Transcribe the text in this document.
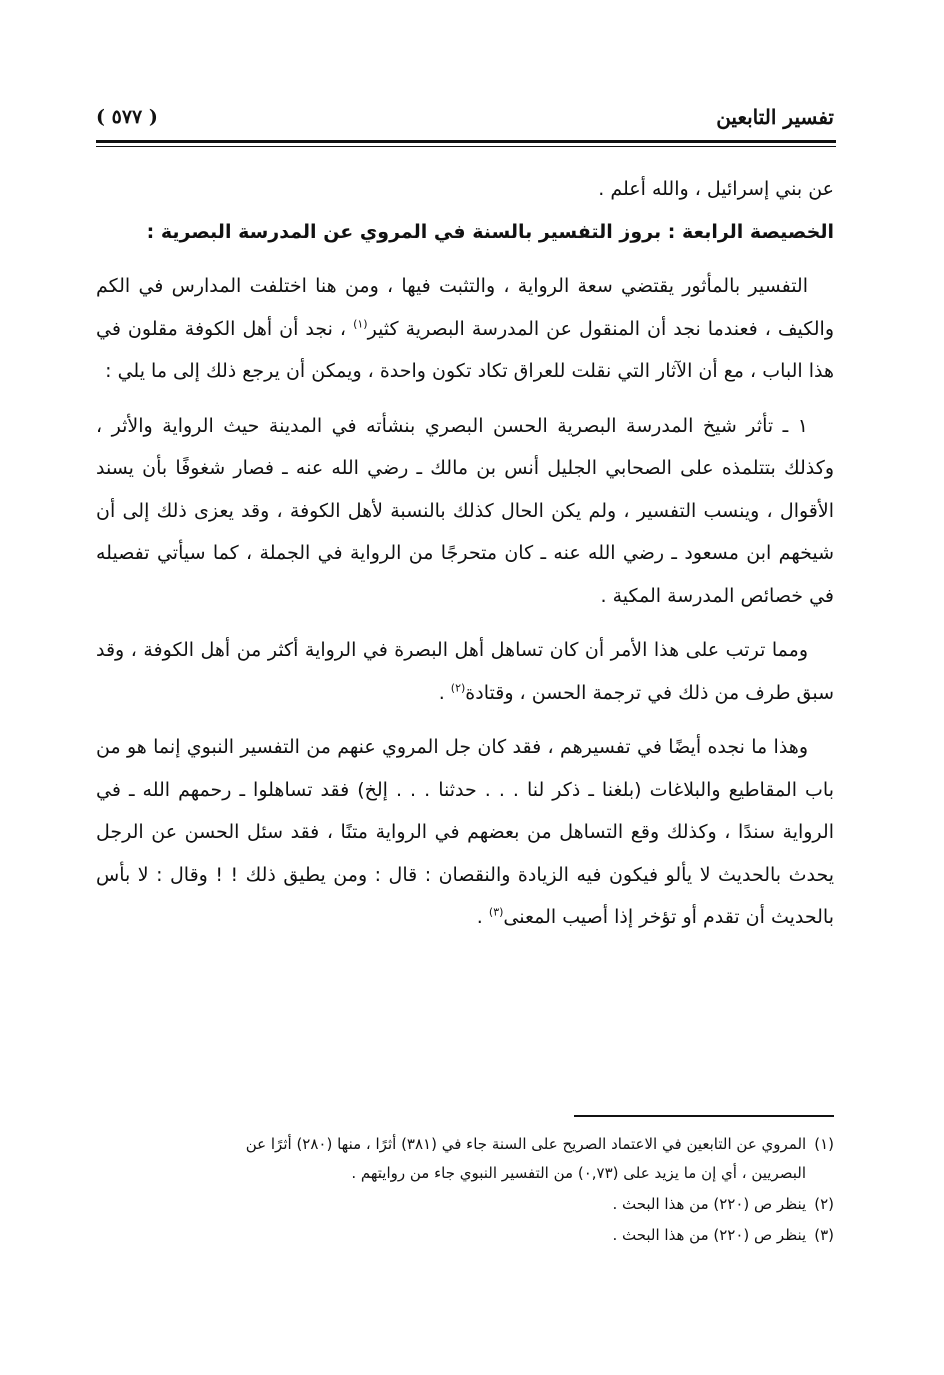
تفسير التابعين
( ٥٧٧ )

عن بني إسرائيل ، والله أعلم .

الخصيصة الرابعة : بروز التفسير بالسنة في المروي عن المدرسة البصرية :

التفسير بالمأثور يقتضي سعة الرواية ، والتثبت فيها ، ومن هنا اختلفت المدارس في الكم والكيف ، فعندما نجد أن المنقول عن المدرسة البصرية كثير$^{(١)}$ ، نجد أن أهل الكوفة مقلون في هذا الباب ، مع أن الآثار التي نقلت للعراق تكاد تكون واحدة ، ويمكن أن يرجع ذلك إلى ما يلي :

١ ـ تأثر شيخ المدرسة البصرية الحسن البصري بنشأته في المدينة حيث الرواية والأثر ، وكذلك بتتلمذه على الصحابي الجليل أنس بن مالك ـ رضي الله عنه ـ فصار شغوفًا بأن يسند الأقوال ، وينسب التفسير ، ولم يكن الحال كذلك بالنسبة لأهل الكوفة ، وقد يعزى ذلك إلى أن شيخهم ابن مسعود ـ رضي الله عنه ـ كان متحرجًا من الرواية في الجملة ، كما سيأتي تفصيله في خصائص المدرسة المكية .

ومما ترتب على هذا الأمر أن كان تساهل أهل البصرة في الرواية أكثر من أهل الكوفة ، وقد سبق طرف من ذلك في ترجمة الحسن ، وقتادة$^{(٢)}$ .

وهذا ما نجده أيضًا في تفسيرهم ، فقد كان جل المروي عنهم من التفسير النبوي إنما هو من باب المقاطيع والبلاغات (بلغنا ـ ذكر لنا . . . حدثنا . . . إلخ) فقد تساهلوا ـ رحمهم الله ـ في الرواية سندًا ، وكذلك وقع التساهل من بعضهم في الرواية متنًا ، فقد سئل الحسن عن الرجل يحدث بالحديث لا يألو فيكون فيه الزيادة والنقصان : قال : ومن يطيق ذلك ! ! وقال : لا بأس بالحديث أن تقدم أو تؤخر إذا أصيب المعنى$^{(٣)}$ .

(١)المروي عن التابعين في الاعتماد الصريح على السنة جاء في (٣٨١) أثرًا ، منها (٢٨٠) أثرًا عن
البصريين ، أي إن ما يزيد على (٠,٧٣) من التفسير النبوي جاء من روايتهم .
(٢)ينظر ص (٢٢٠) من هذا البحث .
(٣)ينظر ص (٢٢٠) من هذا البحث .
